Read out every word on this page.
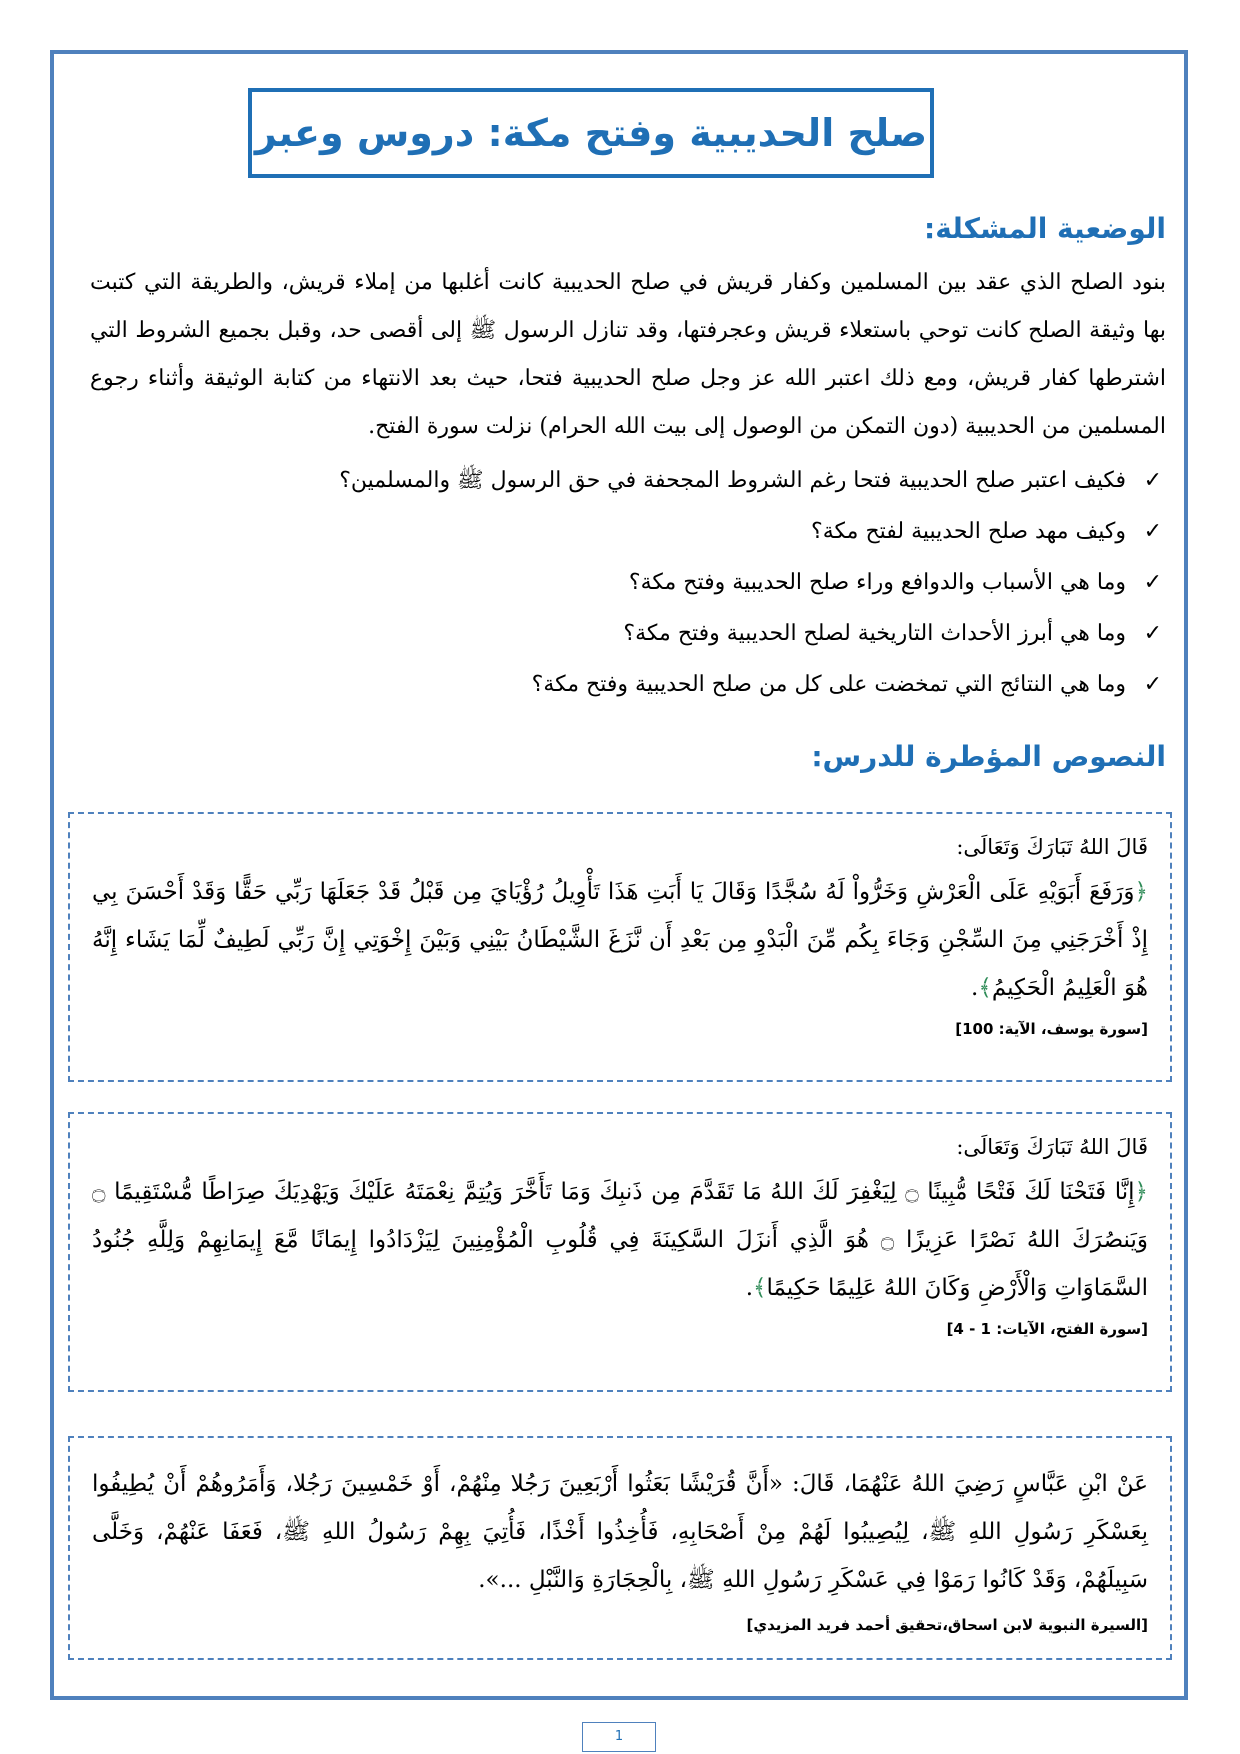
صلح الحديبية وفتح مكة: دروس وعبر
الوضعية المشكلة:

بنود الصلح الذي عقد بين المسلمين وكفار قريش في صلح الحديبية كانت أغلبها من إملاء قريش، والطريقة التي كتبت بها وثيقة الصلح كانت توحي باستعلاء قريش وعجرفتها، وقد تنازل الرسول ﷺ إلى أقصى حد، وقبل بجميع الشروط التي اشترطها كفار قريش، ومع ذلك اعتبر الله عز وجل صلح الحديبية فتحا، حيث بعد الانتهاء من كتابة الوثيقة وأثناء رجوع المسلمين من الحديبية (دون التمكن من الوصول إلى بيت الله الحرام) نزلت سورة الفتح.

✓
فكيف اعتبر صلح الحديبية فتحا رغم الشروط المجحفة في حق الرسول ﷺ والمسلمين؟
✓
وكيف مهد صلح الحديبية لفتح مكة؟
✓
وما هي الأسباب والدوافع وراء صلح الحديبية وفتح مكة؟
✓
وما هي أبرز الأحداث التاريخية لصلح الحديبية وفتح مكة؟
✓
وما هي النتائج التي تمخضت على كل من صلح الحديبية وفتح مكة؟
النصوص المؤطرة للدرس:
قَالَ اللهُ تَبَارَكَ وَتَعَالَى:
﴿وَرَفَعَ أَبَوَيْهِ عَلَى الْعَرْشِ وَخَرُّواْ لَهُ سُجَّدًا وَقَالَ يَا أَبَتِ هَذَا تَأْوِيلُ رُؤْيَايَ مِن قَبْلُ قَدْ جَعَلَهَا رَبِّي حَقًّا وَقَدْ أَحْسَنَ بِي إِذْ أَخْرَجَنِي مِنَ السِّجْنِ وَجَاءَ بِكُم مِّنَ الْبَدْوِ مِن بَعْدِ أَن نَّزَغَ الشَّيْطَانُ بَيْنِي وَبَيْنَ إِخْوَتِي إِنَّ رَبِّي لَطِيفٌ لِّمَا يَشَاء إِنَّهُ هُوَ الْعَلِيمُ الْحَكِيمُ﴾.
[سورة يوسف، الآية: 100]
قَالَ اللهُ تَبَارَكَ وَتَعَالَى:
﴿إِنَّا فَتَحْنَا لَكَ فَتْحًا مُّبِينًا ۝ لِيَغْفِرَ لَكَ اللهُ مَا تَقَدَّمَ مِن ذَنبِكَ وَمَا تَأَخَّرَ وَيُتِمَّ نِعْمَتَهُ عَلَيْكَ وَيَهْدِيَكَ صِرَاطًا مُّسْتَقِيمًا ۝ وَيَنصُرَكَ اللهُ نَصْرًا عَزِيزًا ۝ هُوَ الَّذِي أَنزَلَ السَّكِينَةَ فِي قُلُوبِ الْمُؤْمِنِينَ لِيَزْدَادُوا إِيمَانًا مَّعَ إِيمَانِهِمْ وَلِلَّهِ جُنُودُ السَّمَاوَاتِ وَالْأَرْضِ وَكَانَ اللهُ عَلِيمًا حَكِيمًا﴾.
[سورة الفتح، الآيات: 1 - 4]
عَنْ ابْنِ عَبَّاسٍ رَضِيَ اللهُ عَنْهُمَا، قَالَ: «أَنَّ قُرَيْشًا بَعَثُوا أَرْبَعِينَ رَجُلا مِنْهُمْ، أَوْ خَمْسِينَ رَجُلا، وَأَمَرُوهُمْ أَنْ يُطِيفُوا بِعَسْكَرِ رَسُولِ اللهِ ﷺ، لِيُصِيبُوا لَهُمْ مِنْ أَصْحَابِهِ، فَأُخِذُوا أَخْذًا، فَأُتِيَ بِهِمْ رَسُولُ اللهِ ﷺ، فَعَفَا عَنْهُمْ، وَخَلَّى سَبِيلَهُمْ، وَقَدْ كَانُوا رَمَوْا فِي عَسْكَرِ رَسُولِ اللهِ ﷺ، بِالْحِجَارَةِ وَالنَّبْلِ ...».
[السيرة النبوية لابن اسحاق،تحقيق أحمد فريد المزيدي]
1
